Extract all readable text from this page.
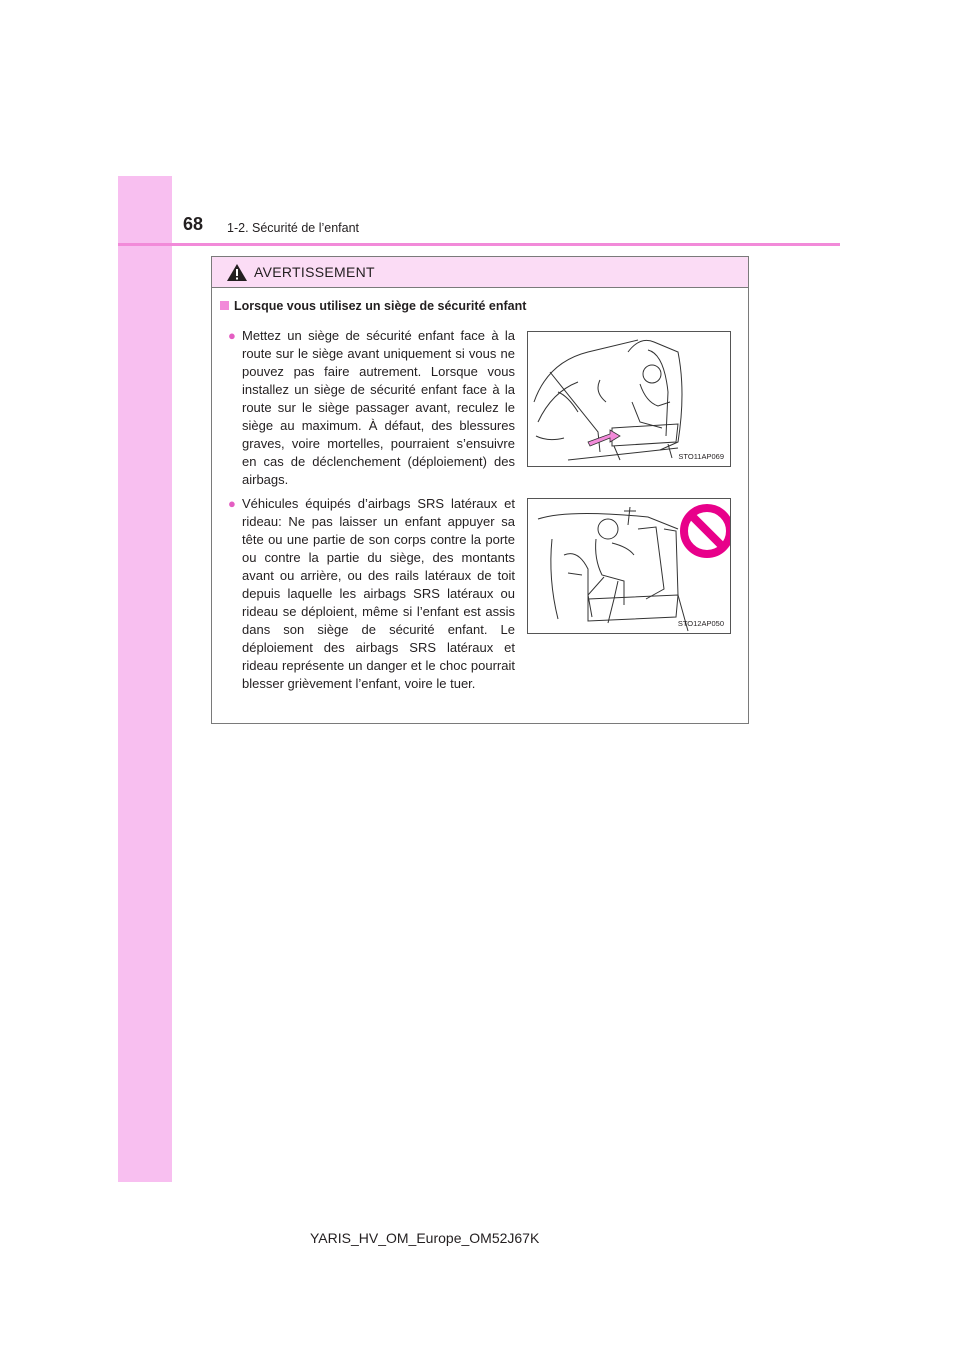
68 1-2. Sécurité de l’enfant
AVERTISSEMENT
Lorsque vous utilisez un siège de sécurité enfant
● Mettez un siège de sécurité enfant face à la route sur le siège avant uniquement si vous ne pouvez pas faire autrement. Lorsque vous installez un siège de sécurité enfant face à la route sur le siège passager avant, reculez le siège au maximum. À défaut, des blessures graves, voire mortelles, pourraient s’ensuivre en cas de déclenchement (déploiement) des airbags.
STO11AP069
● Véhicules équipés d’airbags SRS latéraux et rideau: Ne pas laisser un enfant appuyer sa tête ou une partie de son corps contre la porte ou contre la partie du siège, des montants avant ou arrière, ou des rails latéraux de toit depuis laquelle les airbags SRS latéraux ou rideau se déploient, même si l’enfant est assis dans son siège de sécurité enfant. Le déploiement des airbags SRS latéraux et rideau représente un danger et le choc pourrait blesser grièvement l’enfant, voire le tuer.
STO12AP050
YARIS_HV_OM_Europe_OM52J67K
